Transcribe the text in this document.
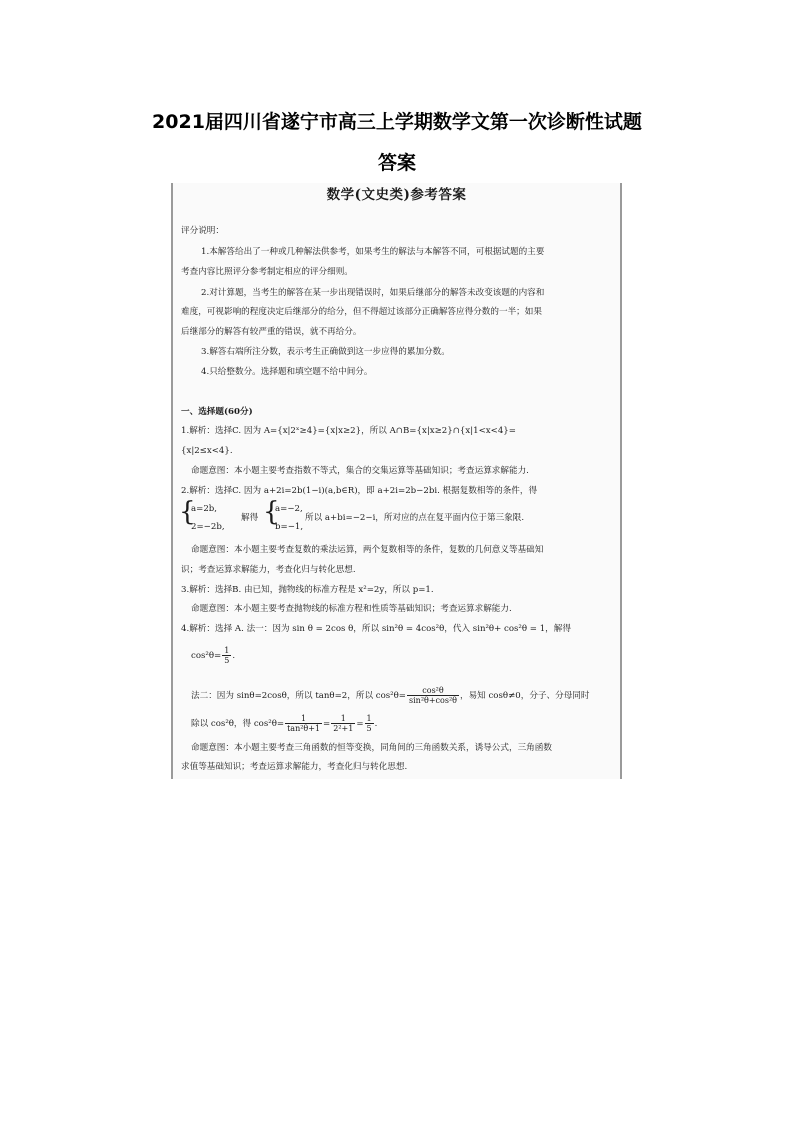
2021届四川省遂宁市高三上学期数学文第一次诊断性试题
答案
数学(文史类)参考答案
评分说明：
1.本解答给出了一种或几种解法供参考，如果考生的解法与本解答不同，可根据试题的主要
考查内容比照评分参考制定相应的评分细则。
2.对计算题，当考生的解答在某一步出现错误时，如果后继部分的解答未改变该题的内容和
难度，可视影响的程度决定后继部分的给分，但不得超过该部分正确解答应得分数的一半；如果
后继部分的解答有较严重的错误，就不再给分。
3.解答右端所注分数，表示考生正确做到这一步应得的累加分数。
4.只给整数分。选择题和填空题不给中间分。
一、选择题(60分)
1.解析：选择C. 因为 A={x|2ˣ≥4}={x|x≥2}，所以 A∩B={x|x≥2}∩{x|1<x<4}=
{x|2≤x<4}.
命题意图：本小题主要考查指数不等式，集合的交集运算等基础知识；考查运算求解能力.
2.解析：选择C. 因为 a+2i=2b(1−i)(a,b∈R)，即 a+2i=2b−2bi. 根据复数相等的条件，得
{
a=2b,
2=−2b,
解得 {
a=−2,
b=−1,
所以 a+bi=−2−i，所对应的点在复平面内位于第三象限.
命题意图：本小题主要考查复数的乘法运算，两个复数相等的条件，复数的几何意义等基础知
识；考查运算求解能力，考查化归与转化思想.
3.解析：选择B. 由已知，抛物线的标准方程是 x²=2y，所以 p=1.
命题意图：本小题主要考查抛物线的标准方程和性质等基础知识；考查运算求解能力.
4.解析：选择 A. 法一：因为 sin θ = 2cos θ，所以 sin²θ = 4cos²θ，代入 sin²θ+ cos²θ = 1，解得
$\cos^2\theta= \frac{1}{5}$ .
法二：因为 sinθ=2cosθ，所以 tanθ=2，所以 $\cos^2\theta= \frac{\text{cos²θ}}{\text{sin²θ+cos²θ}}$ ，易知 cosθ≠0，分子、分母同时
除以 cos²θ，得 $\cos^2\theta= \frac{1}{\text{tan²θ+1}} = \frac{1}{\text{2²+1}} = \frac{1}{5}$ .
命题意图：本小题主要考查三角函数的恒等变换，同角间的三角函数关系，诱导公式，三角函数
求值等基础知识；考查运算求解能力，考查化归与转化思想.
